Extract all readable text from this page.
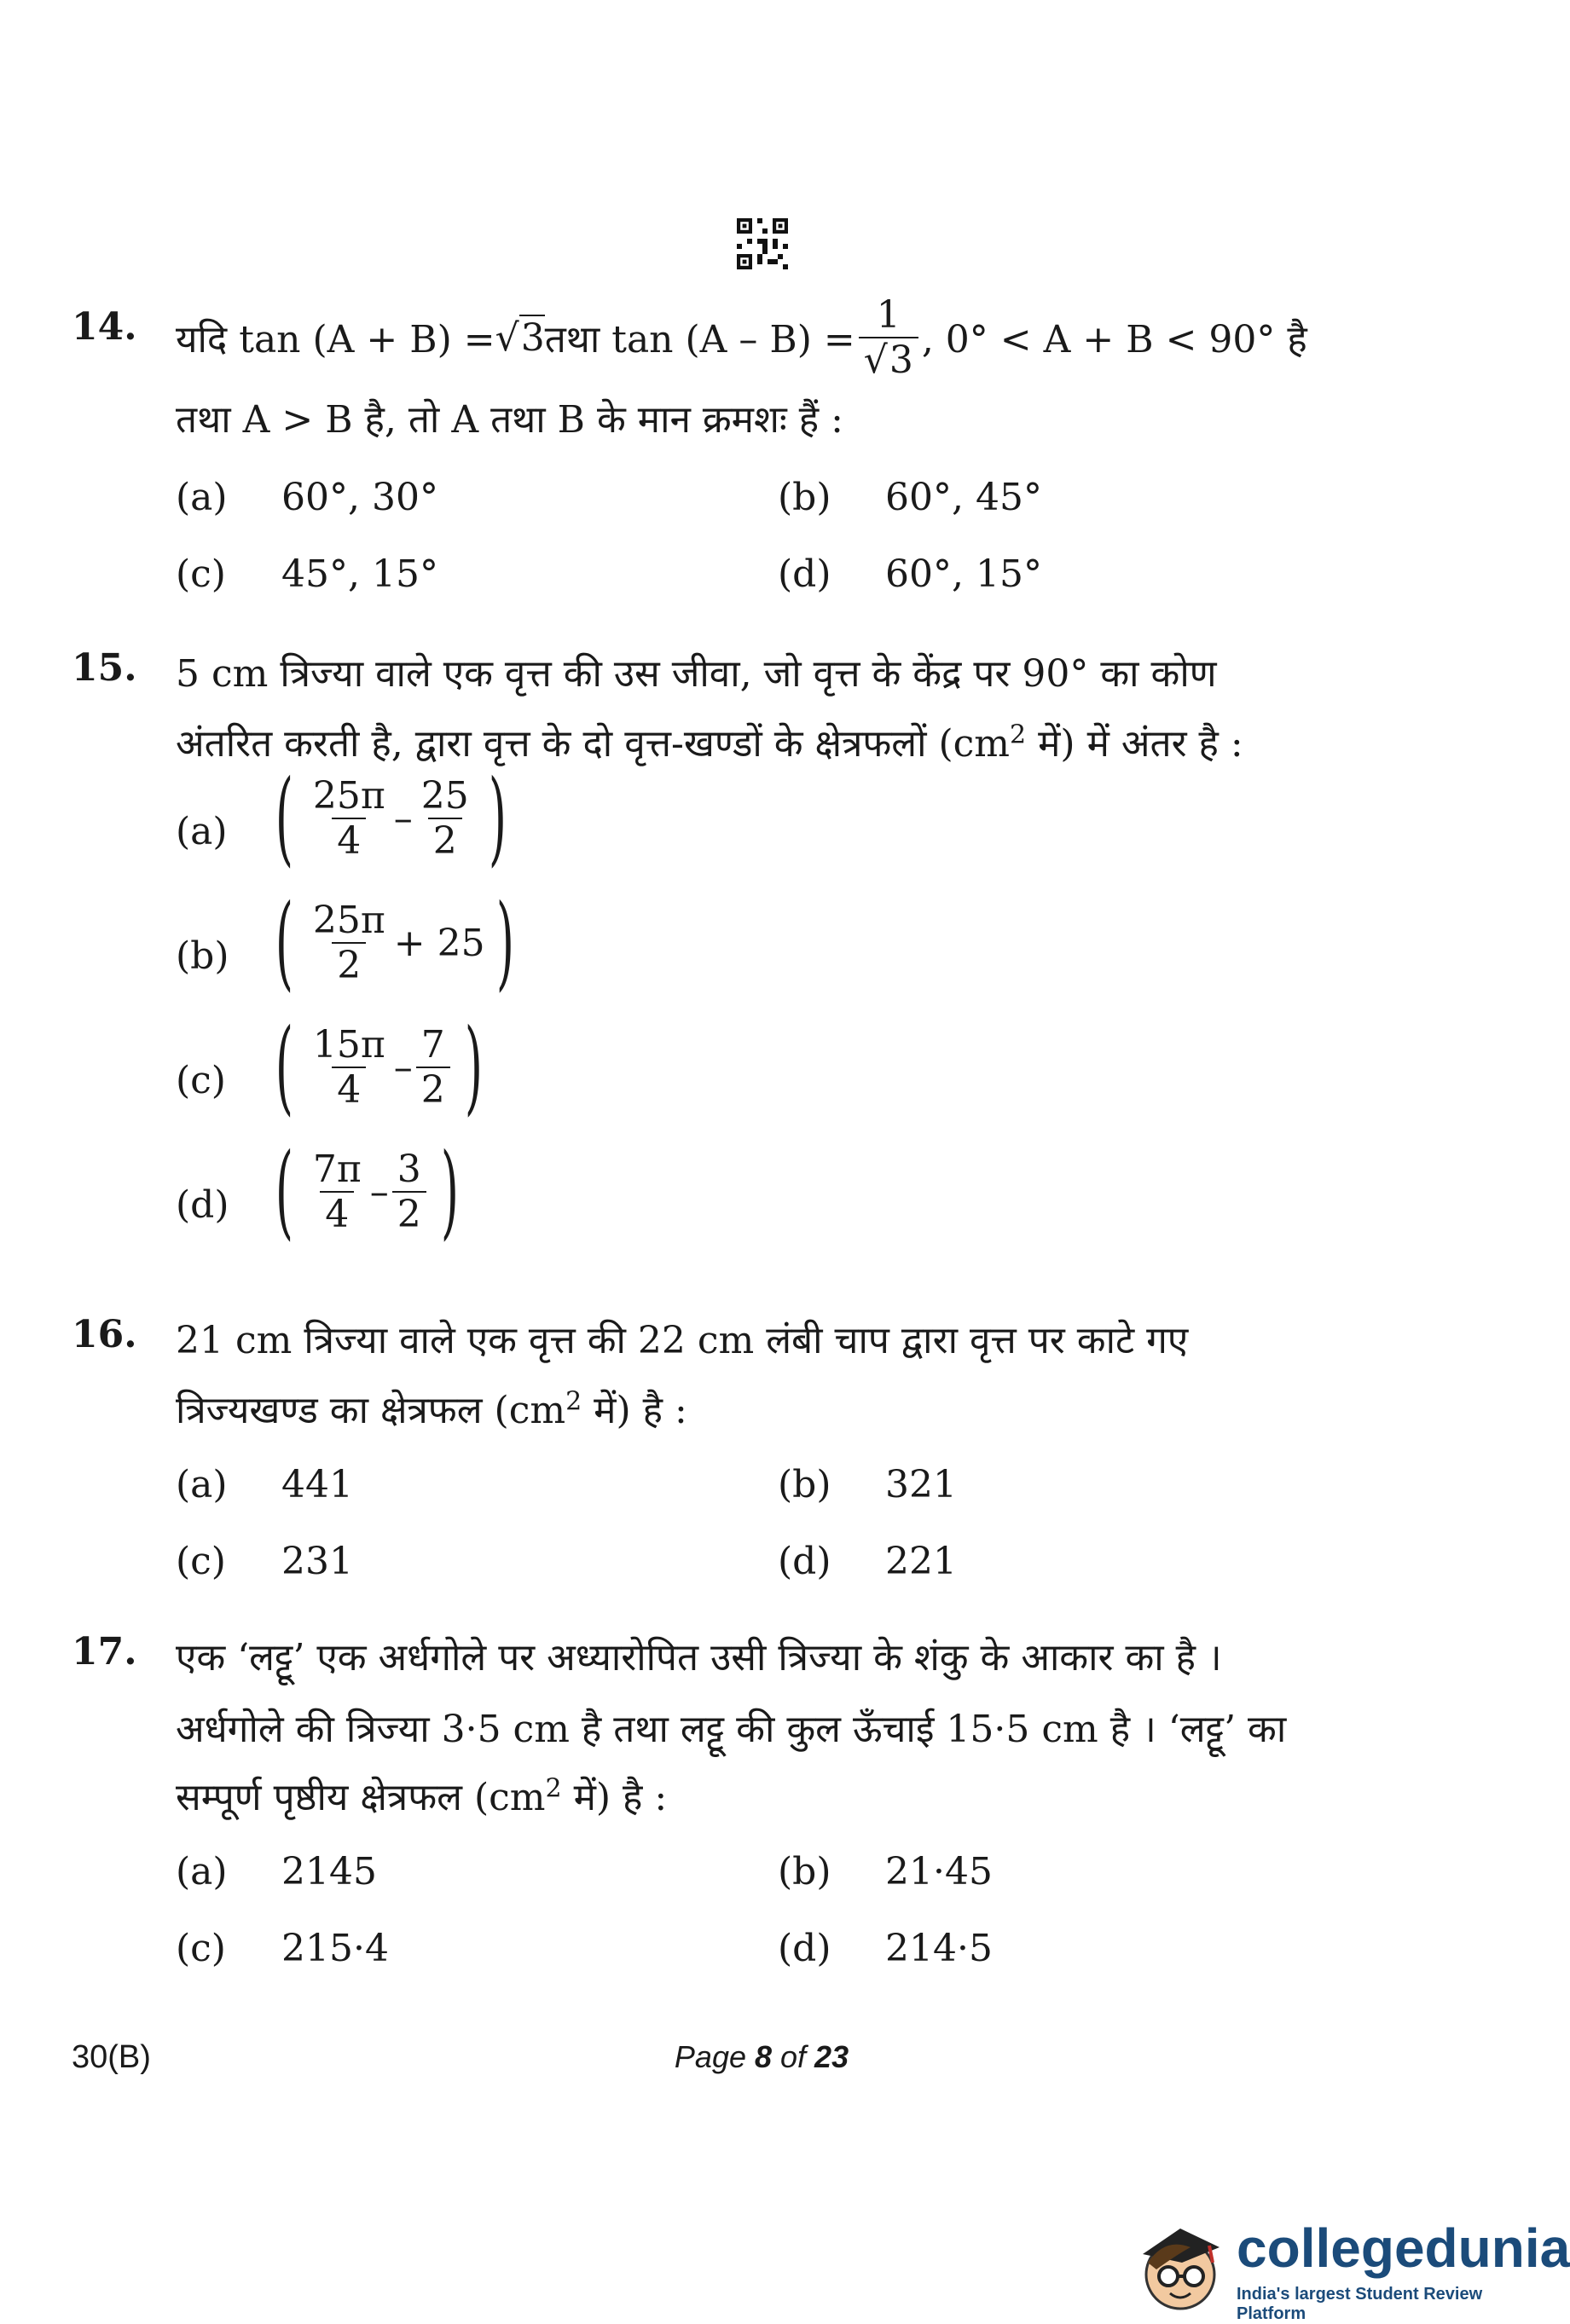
14. यदि tan (A + B) = √3 तथा $\tan (A - B) = \frac{1}{√3}$ , 0° < A + B < 90° है
तथा A > B है, तो A तथा B के मान क्रमशः हैं :
(a) 60°, 30°	(b) 60°, 45°
(c) 45°, 15°	(d) 60°, 15°
15. 5 cm त्रिज्या वाले एक वृत्त की उस जीवा, जो वृत्त के केंद्र पर 90° का कोण
अंतरित करती है, द्वारा वृत्त के दो वृत्त-खण्डों के क्षेत्रफलों ($cm^2$ में) में अंतर है :
(a) ( $\frac{25\pi}{4} - \frac{25}{2}$ )
(b) ( $\frac{25\pi}{2} + 25$ )
(c) ( $\frac{15\pi}{4} - \frac{7}{2}$ )
(d) ( $\frac{7\pi}{4} - \frac{3}{2}$ )
16. 21 cm त्रिज्या वाले एक वृत्त की 22 cm लंबी चाप द्वारा वृत्त पर काटे गए
त्रिज्यखण्ड का क्षेत्रफल ($cm^2$ में) है :
(a) 441	(b) 321
(c) 231	(d) 221
17. एक ‘लट्टू’ एक अर्धगोले पर अध्यारोपित उसी त्रिज्या के शंकु के आकार का है ।
अर्धगोले की त्रिज्या 3·5 cm है तथा लट्टू की कुल ऊँचाई 15·5 cm है । ‘लट्टू’ का
सम्पूर्ण पृष्ठीय क्षेत्रफल ($cm^2$ में) है :
(a) 2145	(b) 21·45
(c) 215·4	(d) 214·5
30(B)	Page 8 of 23
collegedunia
India's largest Student Review Platform
